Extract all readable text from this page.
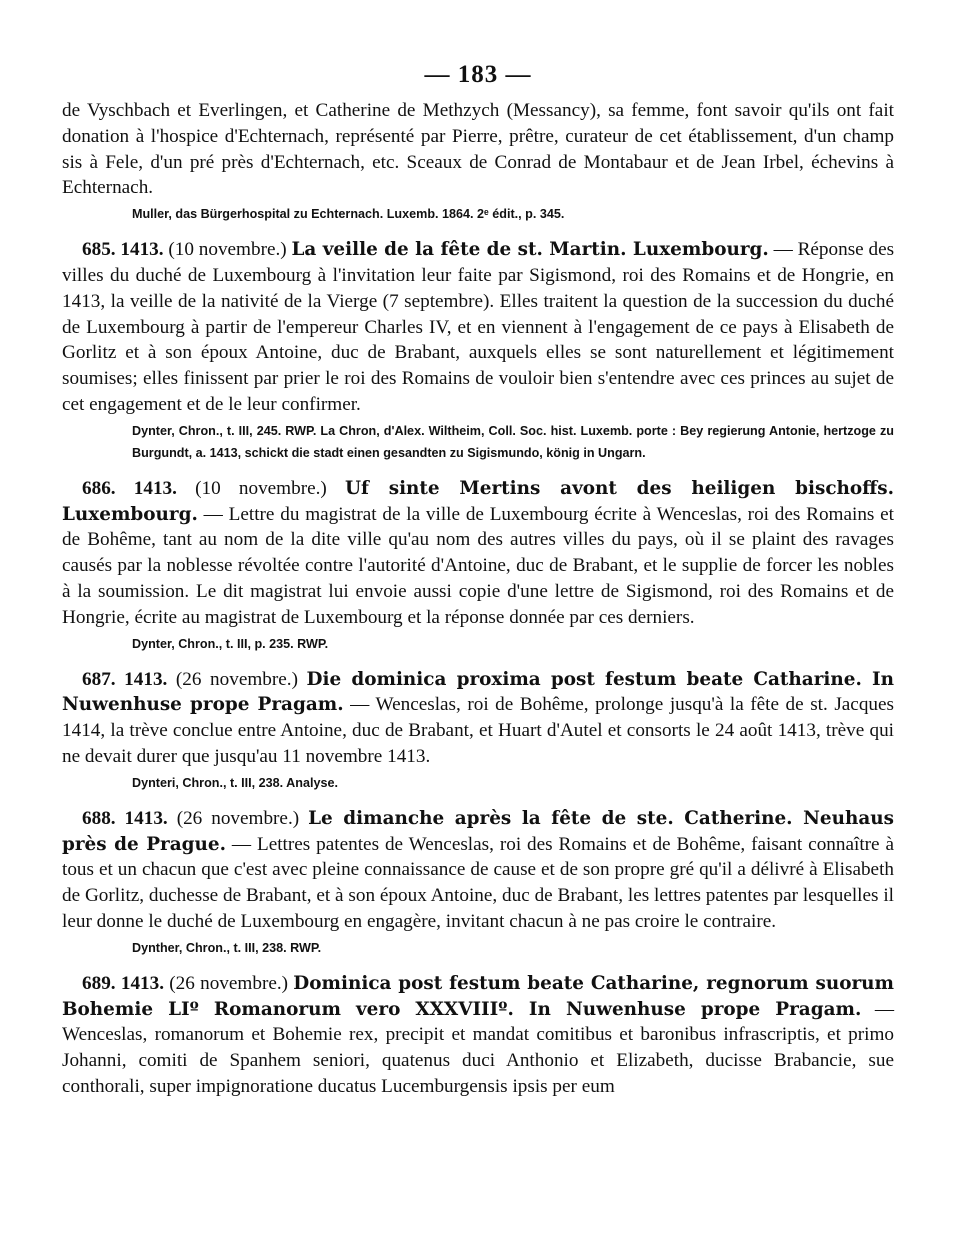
— 183 —

de Vyschbach et Everlingen, et Catherine de Methzych (Messancy), sa femme, font savoir qu'ils ont fait donation à l'hospice d'Echternach, représenté par Pierre, prêtre, curateur de cet établissement, d'un champ sis à Fele, d'un pré près d'Echternach, etc. Sceaux de Conrad de Montabaur et de Jean Irbel, échevins à Echternach.

Muller, das Bürgerhospital zu Echternach. Luxemb. 1864. 2ᵉ édit., p. 345.

685. 1413. (10 novembre.) La veille de la fête de st. Martin. Luxembourg. — Réponse des villes du duché de Luxembourg à l'invitation leur faite par Sigismond, roi des Romains et de Hongrie, en 1413, la veille de la nativité de la Vierge (7 septembre). Elles traitent la question de la succession du duché de Luxembourg à partir de l'empereur Charles IV, et en viennent à l'engagement de ce pays à Elisabeth de Gorlitz et à son époux Antoine, duc de Brabant, auxquels elles se sont naturellement et légitimement soumises; elles finissent par prier le roi des Romains de vouloir bien s'entendre avec ces princes au sujet de cet engagement et de le leur confirmer.

Dynter, Chron., t. III, 245. RWP. La Chron, d'Alex. Wiltheim, Coll. Soc. hist. Luxemb. porte : Bey regierung Antonie, hertzoge zu Burgundt, a. 1413, schickt die stadt einen gesandten zu Sigismundo, könig in Ungarn.

686. 1413. (10 novembre.) Uf sinte Mertins avont des heiligen bischoffs. Luxembourg. — Lettre du magistrat de la ville de Luxembourg écrite à Wenceslas, roi des Romains et de Bohême, tant au nom de la dite ville qu'au nom des autres villes du pays, où il se plaint des ravages causés par la noblesse révoltée contre l'autorité d'Antoine, duc de Brabant, et le supplie de forcer les nobles à la soumission. Le dit magistrat lui envoie aussi copie d'une lettre de Sigismond, roi des Romains et de Hongrie, écrite au magistrat de Luxembourg et la réponse donnée par ces derniers.

Dynter, Chron., t. III, p. 235. RWP.

687. 1413. (26 novembre.) Die dominica proxima post festum beate Catharine. In Nuwenhuse prope Pragam. — Wenceslas, roi de Bohême, prolonge jusqu'à la fête de st. Jacques 1414, la trève conclue entre Antoine, duc de Brabant, et Huart d'Autel et consorts le 24 août 1413, trève qui ne devait durer que jusqu'au 11 novembre 1413.

Dynteri, Chron., t. III, 238. Analyse.

688. 1413. (26 novembre.) Le dimanche après la fête de ste. Catherine. Neuhaus près de Prague. — Lettres patentes de Wenceslas, roi des Romains et de Bohême, faisant connaître à tous et un chacun que c'est avec pleine connaissance de cause et de son propre gré qu'il a délivré à Elisabeth de Gorlitz, duchesse de Brabant, et à son époux Antoine, duc de Brabant, les lettres patentes par lesquelles il leur donne le duché de Luxembourg en engagère, invitant chacun à ne pas croire le contraire.

Dynther, Chron., t. III, 238. RWP.

689. 1413. (26 novembre.) Dominica post festum beate Catharine, regnorum suorum Bohemie LIº Romanorum vero XXXVIIIº. In Nuwenhuse prope Pragam. — Wenceslas, romanorum et Bohemie rex, precipit et mandat comitibus et baronibus infrascriptis, et primo Johanni, comiti de Spanhem seniori, quatenus duci Anthonio et Elizabeth, ducisse Brabancie, sue conthorali, super impignoratione ducatus Lucemburgensis ipsis per eum
